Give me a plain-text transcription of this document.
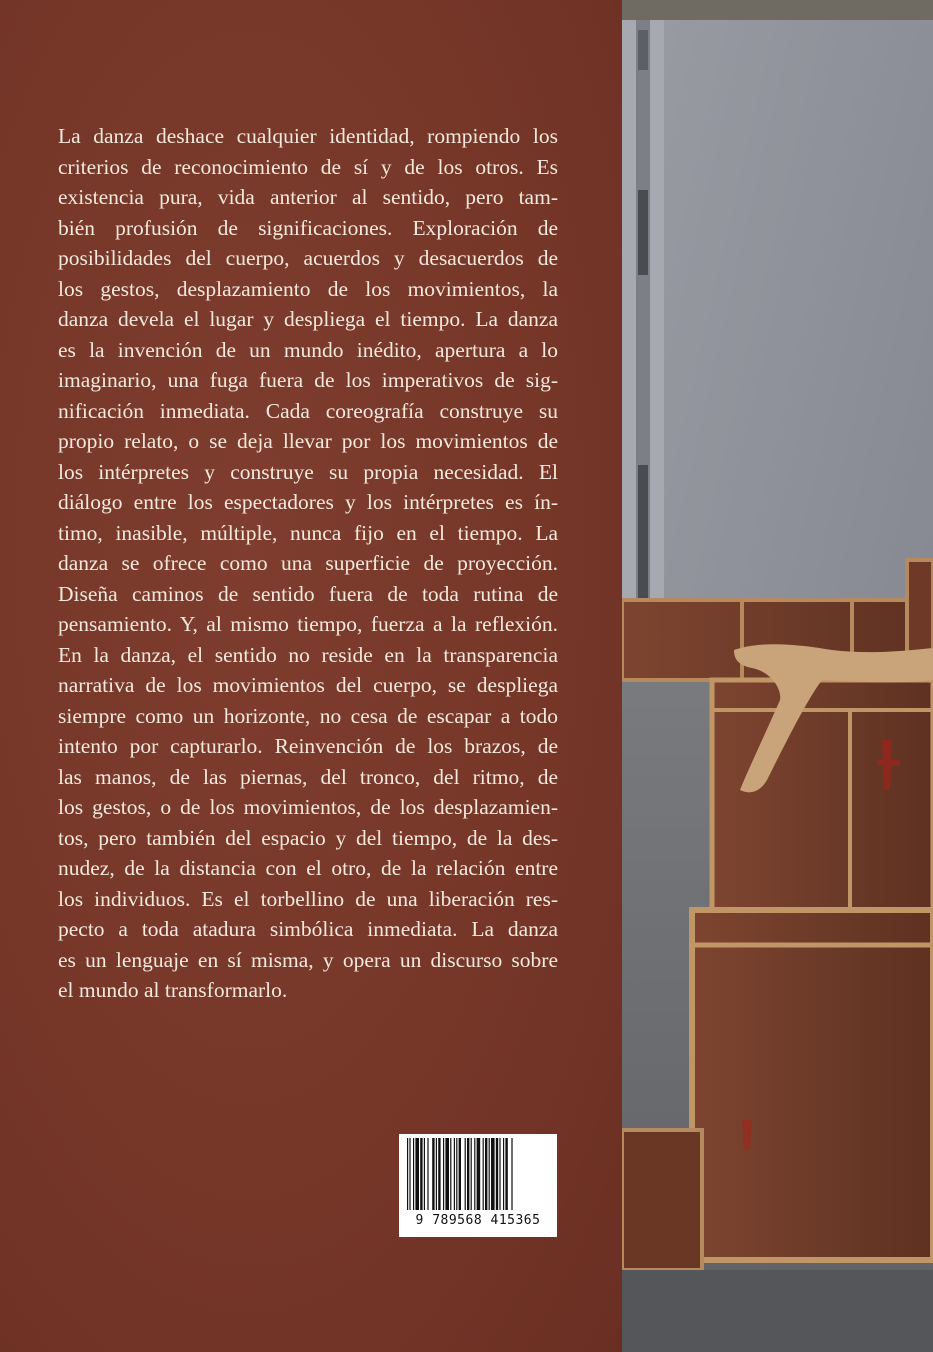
La danza deshace cualquier identidad, rompiendo los
criterios de reconocimiento de sí y de los otros. Es
existencia pura, vida anterior al sentido, pero tam-
bién profusión de significaciones. Exploración de
posibilidades del cuerpo, acuerdos y desacuerdos de
los gestos, desplazamiento de los movimientos, la
danza devela el lugar y despliega el tiempo. La danza
es la invención de un mundo inédito, apertura a lo
imaginario, una fuga fuera de los imperativos de sig-
nificación inmediata. Cada coreografía construye su
propio relato, o se deja llevar por los movimientos de
los intérpretes y construye su propia necesidad. El
diálogo entre los espectadores y los intérpretes es ín-
timo, inasible, múltiple, nunca fijo en el tiempo. La
danza se ofrece como una superficie de proyección.
Diseña caminos de sentido fuera de toda rutina de
pensamiento. Y, al mismo tiempo, fuerza a la reflexión.
En la danza, el sentido no reside en la transparencia
narrativa de los movimientos del cuerpo, se despliega
siempre como un horizonte, no cesa de escapar a todo
intento por capturarlo. Reinvención de los brazos, de
las manos, de las piernas, del tronco, del ritmo, de
los gestos, o de los movimientos, de los desplazamien-
tos, pero también del espacio y del tiempo, de la des-
nudez, de la distancia con el otro, de la relación entre
los individuos. Es el torbellino de una liberación res-
pecto a toda atadura simbólica inmediata. La danza
es un lenguaje en sí misma, y opera un discurso sobre
el mundo al transformarlo.

9 789568 415365
